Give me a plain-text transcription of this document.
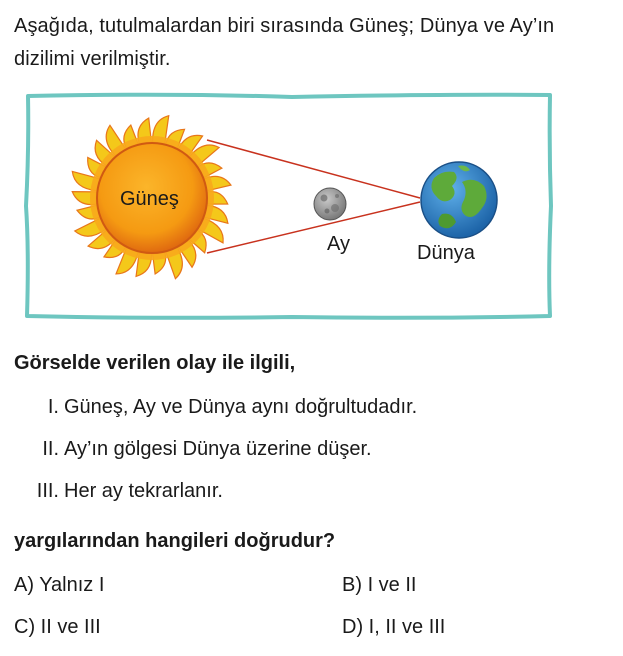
Aşağıda, tutulmalardan biri sırasında Güneş; Dünya ve Ay’ın dizilimi verilmiştir.
Güneş
Ay	Dünya
Görselde verilen olay ile ilgili,
I. Güneş, Ay ve Dünya aynı doğrultudadır.
II. Ay’ın gölgesi Dünya üzerine düşer.
III. Her ay tekrarlanır.
yargılarından hangileri doğrudur?
A) Yalnız I	B) I ve II
C) II ve III	D) I, II ve III
